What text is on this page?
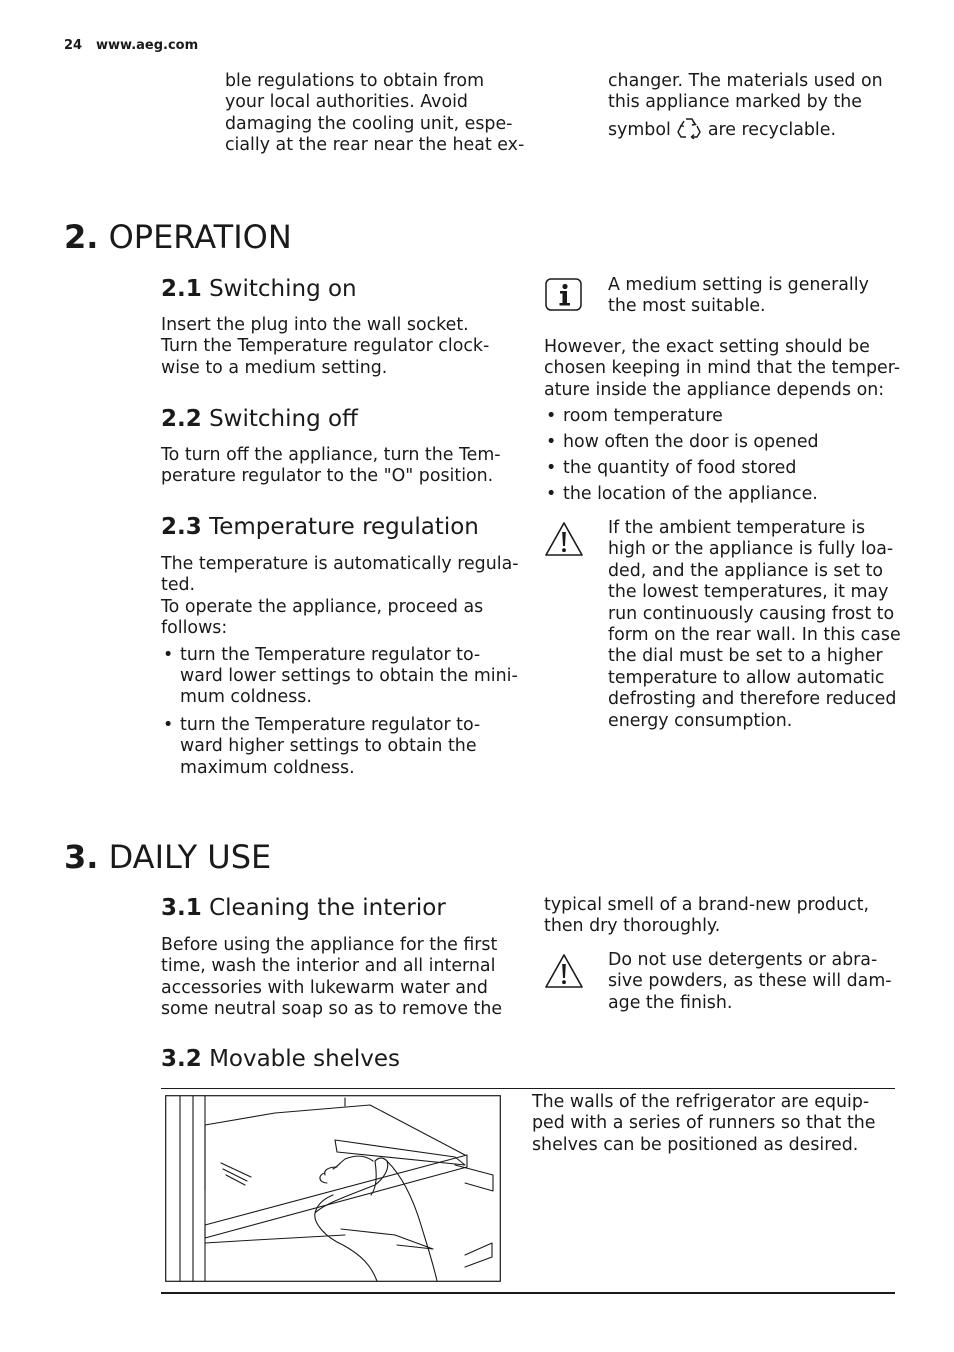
24 www.aeg.com
ble regulations to obtain from
your local authorities. Avoid
damaging the cooling unit, espe-
cially at the rear near the heat ex-
changer. The materials used on
this appliance marked by the
symbol are recyclable.
2. OPERATION
2.1 Switching on
Insert the plug into the wall socket.
Turn the Temperature regulator clock-
wise to a medium setting.
2.2 Switching off
To turn off the appliance, turn the Tem-
perature regulator to the "O" position.
2.3 Temperature regulation
The temperature is automatically regula-
ted.
To operate the appliance, proceed as
follows:
• turn the Temperature regulator to-
ward lower settings to obtain the mini-
mum coldness.
• turn the Temperature regulator to-
ward higher settings to obtain the
maximum coldness.
A medium setting is generally
the most suitable.
However, the exact setting should be
chosen keeping in mind that the temper-
ature inside the appliance depends on:
• room temperature
• how often the door is opened
• the quantity of food stored
• the location of the appliance.
If the ambient temperature is
high or the appliance is fully loa-
ded, and the appliance is set to
the lowest temperatures, it may
run continuously causing frost to
form on the rear wall. In this case
the dial must be set to a higher
temperature to allow automatic
defrosting and therefore reduced
energy consumption.
3. DAILY USE
3.1 Cleaning the interior
Before using the appliance for the first
time, wash the interior and all internal
accessories with lukewarm water and
some neutral soap so as to remove the
typical smell of a brand-new product,
then dry thoroughly.
Do not use detergents or abra-
sive powders, as these will dam-
age the finish.
3.2 Movable shelves
The walls of the refrigerator are equip-
ped with a series of runners so that the
shelves can be positioned as desired.
